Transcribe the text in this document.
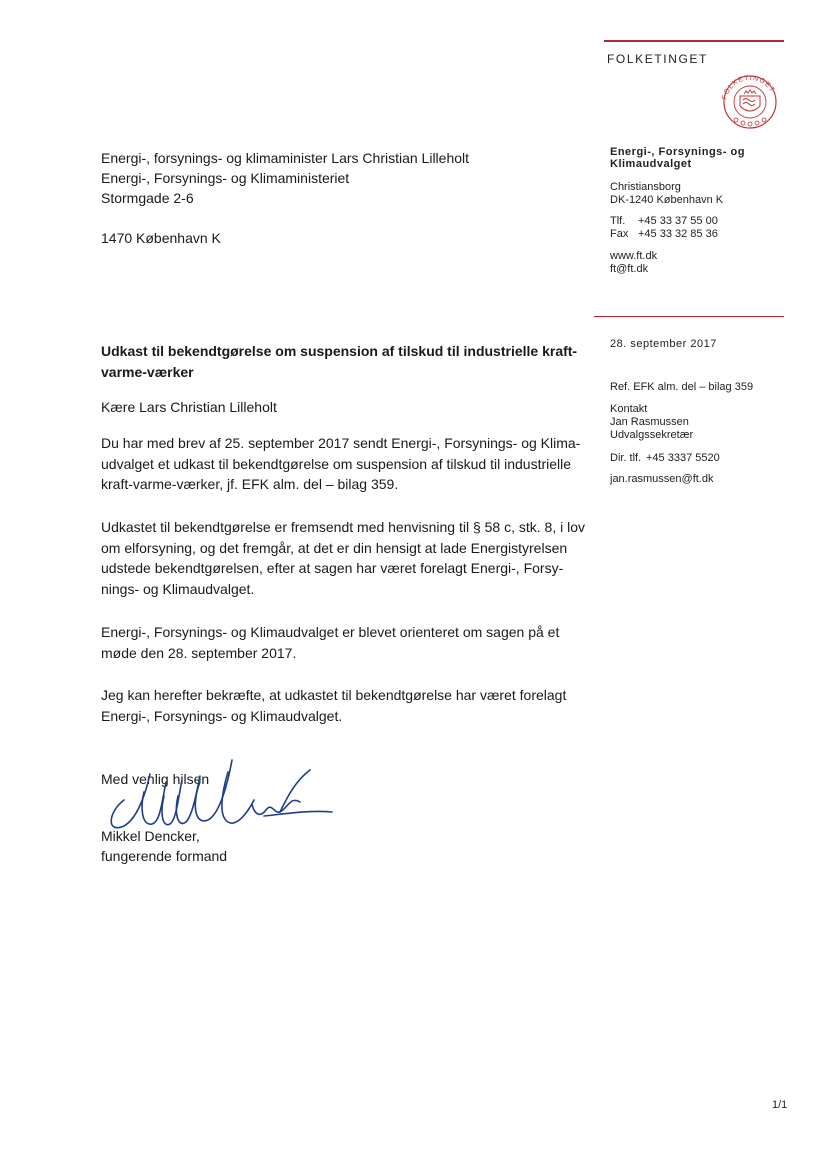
FOLKETINGET
FOLKETINGET
Energi-, Forsynings- og
Klimaudvalget
Christiansborg
DK-1240 København K
Tlf. +45 33 37 55 00
Fax +45 33 32 85 36
www.ft.dk
ft@ft.dk
28. september 2017
Ref. EFK alm. del – bilag 359
Kontakt
Jan Rasmussen
Udvalgssekretær
Dir. tlf. +45 3337 5520
jan.rasmussen@ft.dk
Energi-, forsynings- og klimaminister Lars Christian Lilleholt
Energi-, Forsynings- og Klimaministeriet
Stormgade 2-6
1470 København K
Udkast til bekendtgørelse om suspension af tilskud til industrielle kraft-
varme-værker
Kære Lars Christian Lilleholt
Du har med brev af 25. september 2017 sendt Energi-, Forsynings- og Klima-
udvalget et udkast til bekendtgørelse om suspension af tilskud til industrielle
kraft-varme-værker, jf. EFK alm. del – bilag 359.
Udkastet til bekendtgørelse er fremsendt med henvisning til § 58 c, stk. 8, i lov
om elforsyning, og det fremgår, at det er din hensigt at lade Energistyrelsen
udstede bekendtgørelsen, efter at sagen har været forelagt Energi-, Forsy-
nings- og Klimaudvalget.
Energi-, Forsynings- og Klimaudvalget er blevet orienteret om sagen på et
møde den 28. september 2017.
Jeg kan herefter bekræfte, at udkastet til bekendtgørelse har været forelagt
Energi-, Forsynings- og Klimaudvalget.
Med venlig hilsen
Mikkel Dencker,
fungerende formand
1/1
